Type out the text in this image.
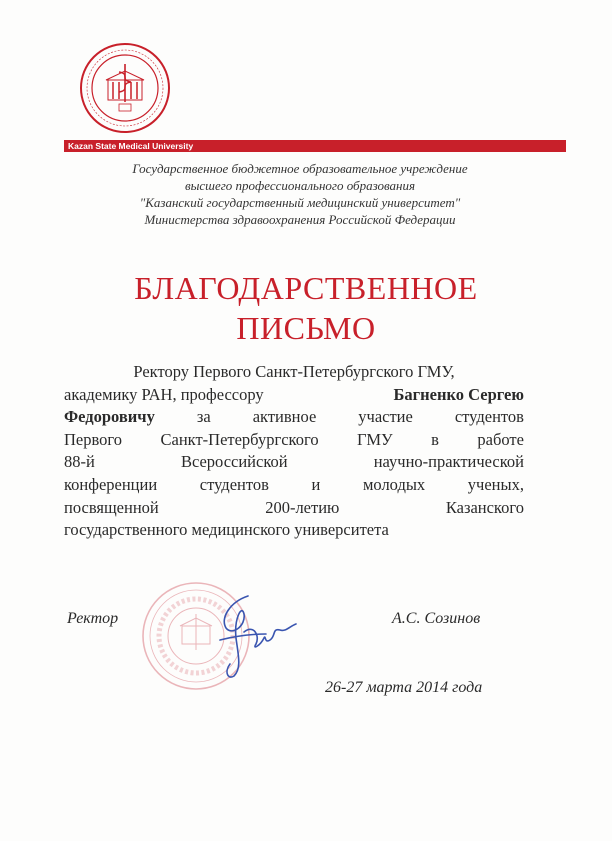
Kazan State Medical University
Государственное бюджетное образовательное учреждение
высшего профессионального образования
"Казанский государственный медицинский университет"
Министерства здравоохранения Российской Федерации
БЛАГОДАРСТВЕННОЕ
ПИСЬМО
Ректору Первого Санкт-Петербургского ГМУ,
академику РАН, профессору	Багненко Сергею
Федоровичу	за	активное	участие	студентов
Первого Санкт-Петербургского ГМУ в работе
88-й	Всероссийской	научно-практической
конференции	студентов	и	молодых	ученых,
посвященной	200-летию	Казанского
государственного медицинского университета
Ректор	А.С. Созинов
26-27 марта 2014 года
